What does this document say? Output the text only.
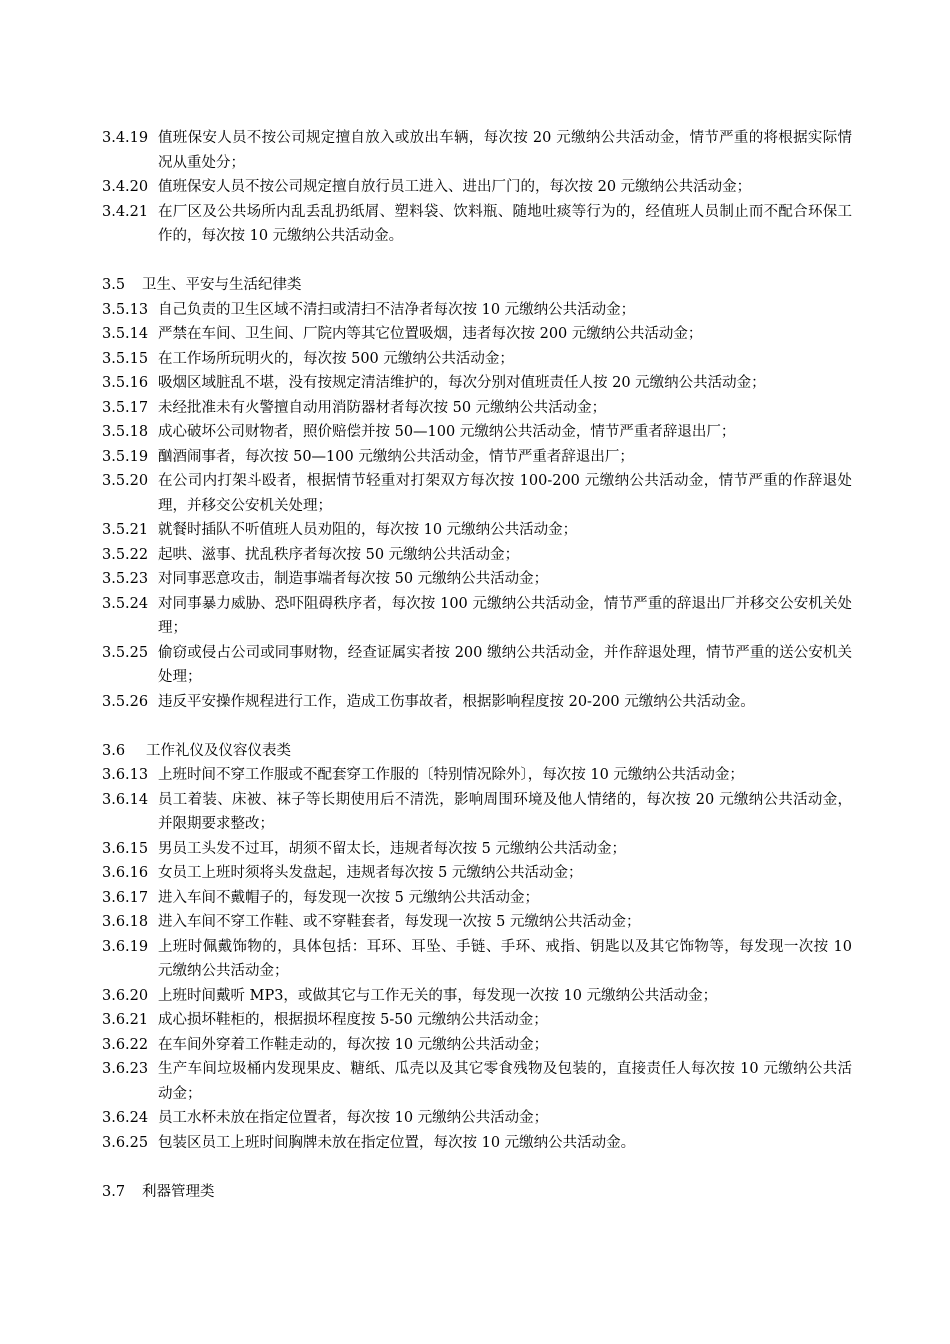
3.4.19 值班保安人员不按公司规定擅自放入或放出车辆，每次按 20 元缴纳公共活动金，情节严重的将根据实际情况从重处分；
3.4.20 值班保安人员不按公司规定擅自放行员工进入、进出厂门的，每次按 20 元缴纳公共活动金；
3.4.21 在厂区及公共场所内乱丢乱扔纸屑、塑料袋、饮料瓶、随地吐痰等行为的，经值班人员制止而不配合环保工作的，每次按 10 元缴纳公共活动金。
3.5	卫生、平安与生活纪律类
3.5.13 自己负责的卫生区域不清扫或清扫不洁净者每次按 10 元缴纳公共活动金；
3.5.14 严禁在车间、卫生间、厂院内等其它位置吸烟，违者每次按 200 元缴纳公共活动金；
3.5.15 在工作场所玩明火的，每次按 500 元缴纳公共活动金；
3.5.16 吸烟区域脏乱不堪，没有按规定清洁维护的，每次分别对值班责任人按 20 元缴纳公共活动金；
3.5.17 未经批准未有火警擅自动用消防器材者每次按 50 元缴纳公共活动金；
3.5.18 成心破坏公司财物者，照价赔偿并按 50—100 元缴纳公共活动金，情节严重者辞退出厂；
3.5.19 酗酒闹事者，每次按 50—100 元缴纳公共活动金，情节严重者辞退出厂；
3.5.20 在公司内打架斗殴者，根据情节轻重对打架双方每次按 100-200 元缴纳公共活动金，情节严重的作辞退处理，并移交公安机关处理；
3.5.21 就餐时插队不听值班人员劝阻的，每次按 10 元缴纳公共活动金；
3.5.22 起哄、滋事、扰乱秩序者每次按 50 元缴纳公共活动金；
3.5.23 对同事恶意攻击，制造事端者每次按 50 元缴纳公共活动金；
3.5.24 对同事暴力威胁、恐吓阻碍秩序者，每次按 100 元缴纳公共活动金，情节严重的辞退出厂并移交公安机关处理；
3.5.25 偷窃或侵占公司或同事财物，经查证属实者按 200 缴纳公共活动金，并作辞退处理，情节严重的送公安机关处理；
3.5.26 违反平安操作规程进行工作，造成工伤事故者，根据影响程度按 20-200 元缴纳公共活动金。
3.6	工作礼仪及仪容仪表类
3.6.13 上班时间不穿工作服或不配套穿工作服的〔特别情况除外〕，每次按 10 元缴纳公共活动金；
3.6.14 员工着装、床被、袜子等长期使用后不清洗，影响周围环境及他人情绪的，每次按 20 元缴纳公共活动金，并限期要求整改；
3.6.15 男员工头发不过耳，胡须不留太长，违规者每次按 5 元缴纳公共活动金；
3.6.16 女员工上班时须将头发盘起，违规者每次按 5 元缴纳公共活动金；
3.6.17 进入车间不戴帽子的，每发现一次按 5 元缴纳公共活动金；
3.6.18 进入车间不穿工作鞋、或不穿鞋套者，每发现一次按 5 元缴纳公共活动金；
3.6.19 上班时佩戴饰物的，具体包括：耳环、耳坠、手链、手环、戒指、钥匙以及其它饰物等，每发现一次按 10 元缴纳公共活动金；
3.6.20 上班时间戴听 MP3，或做其它与工作无关的事，每发现一次按 10 元缴纳公共活动金；
3.6.21 成心损坏鞋柜的，根据损坏程度按 5-50 元缴纳公共活动金；
3.6.22 在车间外穿着工作鞋走动的，每次按 10 元缴纳公共活动金；
3.6.23 生产车间垃圾桶内发现果皮、糖纸、瓜壳以及其它零食残物及包装的，直接责任人每次按 10 元缴纳公共活动金；
3.6.24 员工水杯未放在指定位置者，每次按 10 元缴纳公共活动金；
3.6.25 包装区员工上班时间胸牌未放在指定位置，每次按 10 元缴纳公共活动金。
3.7	利器管理类
